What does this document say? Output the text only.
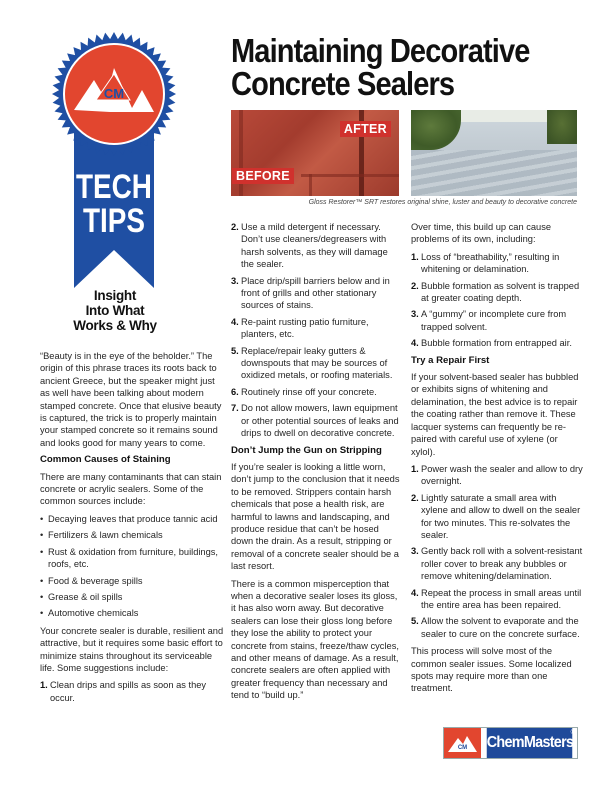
CM
TECH
TIPS
Insight
Into What
Works & Why
Maintaining Decorative
Concrete Sealers
AFTER
BEFORE
Gloss Restorer™ SRT restores original shine, luster and beauty to decorative concrete

“Beauty is in the eye of the beholder.” The origin of this phrase traces its roots back to ancient Greece, but the speaker might just as well have been talking about modern stamped concrete. Once that elusive beauty is captured, the trick is to properly maintain your stamped concrete so it remains sound and looks good for many years to come.

Common Causes of Staining

There are many contaminants that can stain concrete or acrylic sealers. Some of the common sources include:

• Decaying leaves that produce tannic acid
• Fertilizers & lawn chemicals
• Rust & oxidation from furniture, buildings, roofs, etc.
• Food & beverage spills
• Grease & oil spills
• Automotive chemicals

Your concrete sealer is durable, resilient and attractive, but it requires some basic effort to minimize stains throughout its serviceable life. Some suggestions include:

1. Clean drips and spills as soon as they occur.
2. Use a mild detergent if necessary. Don’t use cleaners/degreasers with harsh solvents, as they will damage the sealer.
3. Place drip/spill barriers below and in front of grills and other stationary sources of stains.
4. Re-paint rusting patio furniture, planters, etc.
5. Replace/repair leaky gutters & downspouts that may be sources of oxidized metals, or roofing materials.
6. Routinely rinse off your concrete.
7. Do not allow mowers, lawn equipment or other potential sources of leaks and drips to dwell on decorative concrete.
Don’t Jump the Gun on Stripping

If you’re sealer is looking a little worn, don’t jump to the conclusion that it needs to be removed. Strippers contain harsh chemicals that pose a health risk, are harmful to lawns and landscaping, and produce residue that can’t be hosed down the drain. As a result, stripping or removal of a concrete sealer should be a last resort.

There is a common misperception that when a decorative sealer loses its gloss, it has also worn away. But decorative sealers can lose their gloss long before they lose the ability to protect your concrete from stains, freeze/thaw cycles, and other means of damage. As a result, concrete sealers are often applied with greater frequency than necessary and tend to “build up.”

Over time, this build up can cause problems of its own, including:

1. Loss of “breathability,” resulting in whitening or delamination.
2. Bubble formation as solvent is trapped at greater coating depth.
3. A “gummy” or incomplete cure from trapped solvent.
4. Bubble formation from entrapped air.
Try a Repair First

If your solvent-based sealer has bubbled or exhibits signs of whitening and delamination, the best advice is to repair the coating rather than remove it. These lacquer systems can frequently be re-paired with careful use of xylene (or xylol).

1. Power wash the sealer and allow to dry overnight.
2. Lightly saturate a small area with xylene and allow to dwell on the sealer for two minutes. This re-solvates the sealer.
3. Gently back roll with a solvent-resistant roller cover to break any bubbles or remove whitening/delamination.
4. Repeat the process in small areas until the entire area has been repaired.
5. Allow the solvent to evaporate and the sealer to cure on the concrete surface.

This process will solve most of the common sealer issues. Some localized spots may require more than one treatment.

CM ChemMasters
®
